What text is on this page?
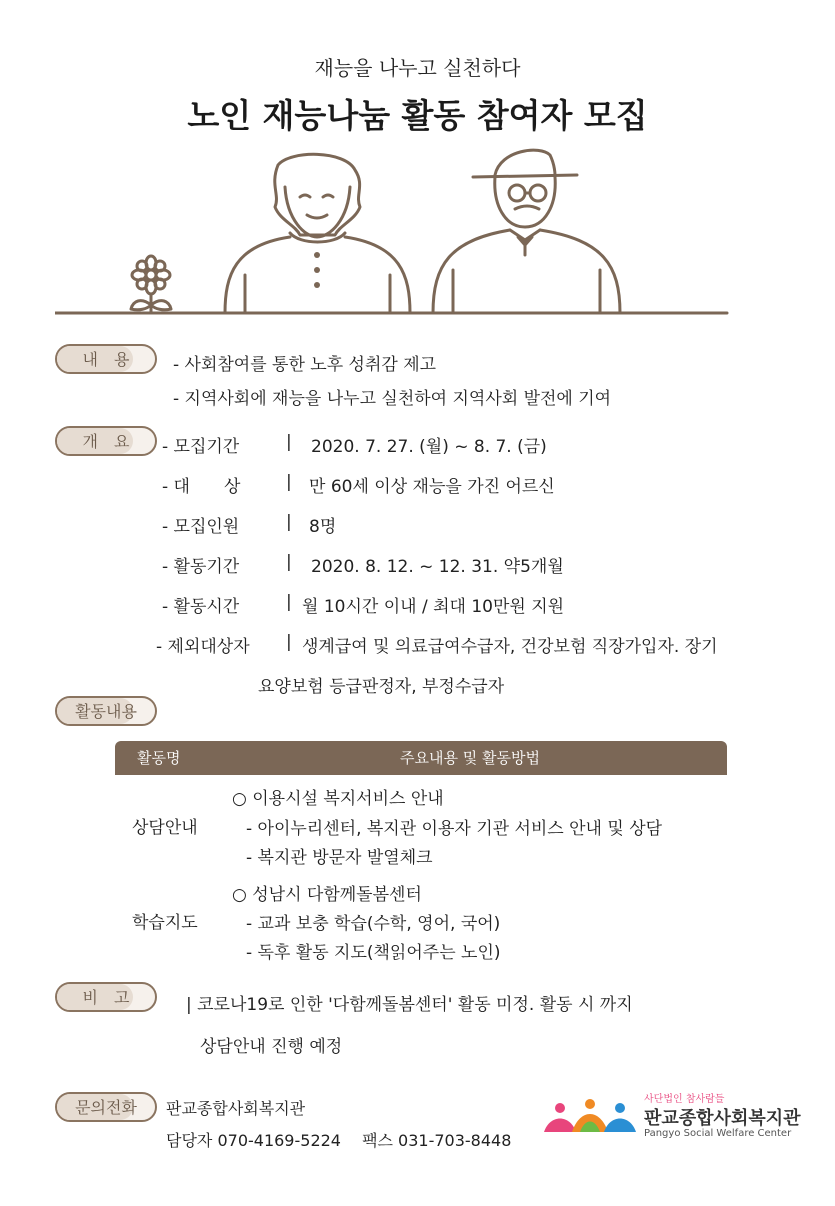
재능을 나누고 실천하다
노인 재능나눔 활동 참여자 모집
내　용	- 사회참여를 통한 노후 성취감 제고
- 지역사회에 재능을 나누고 실천하여 지역사회 발전에 기여
개　요	- 모집기간	| 2020. 7. 27. (월) ~ 8. 7. (금)
- 대　　상	| 만 60세 이상 재능을 가진 어르신
- 모집인원	| 8명
- 활동기간	| 2020. 8. 12. ~ 12. 31. 약5개월
- 활동시간	| 월 10시간 이내 / 최대 10만원 지원
- 제외대상자 | 생계급여 및 의료급여수급자, 건강보험 직장가입자. 장기
요양보험 등급판정자, 부정수급자
활동내용
활동명	주요내용 및 활동방법
상담안내
○ 이용시설 복지서비스 안내
- 아이누리센터, 복지관 이용자 기관 서비스 안내 및 상담
- 복지관 방문자 발열체크
학습지도
○ 성남시 다함께돌봄센터
- 교과 보충 학습(수학, 영어, 국어)
- 독후 활동 지도(책읽어주는 노인)
비　고	| 코로나19로 인한 '다함께돌봄센터' 활동 미정. 활동 시 까지
상담안내 진행 예정
문의전화	판교종합사회복지관
담당자 070-4169-5224　 팩스 031-703-8448
사단법인 참사람들
판교종합사회복지관
Pangyo Social Welfare Center
